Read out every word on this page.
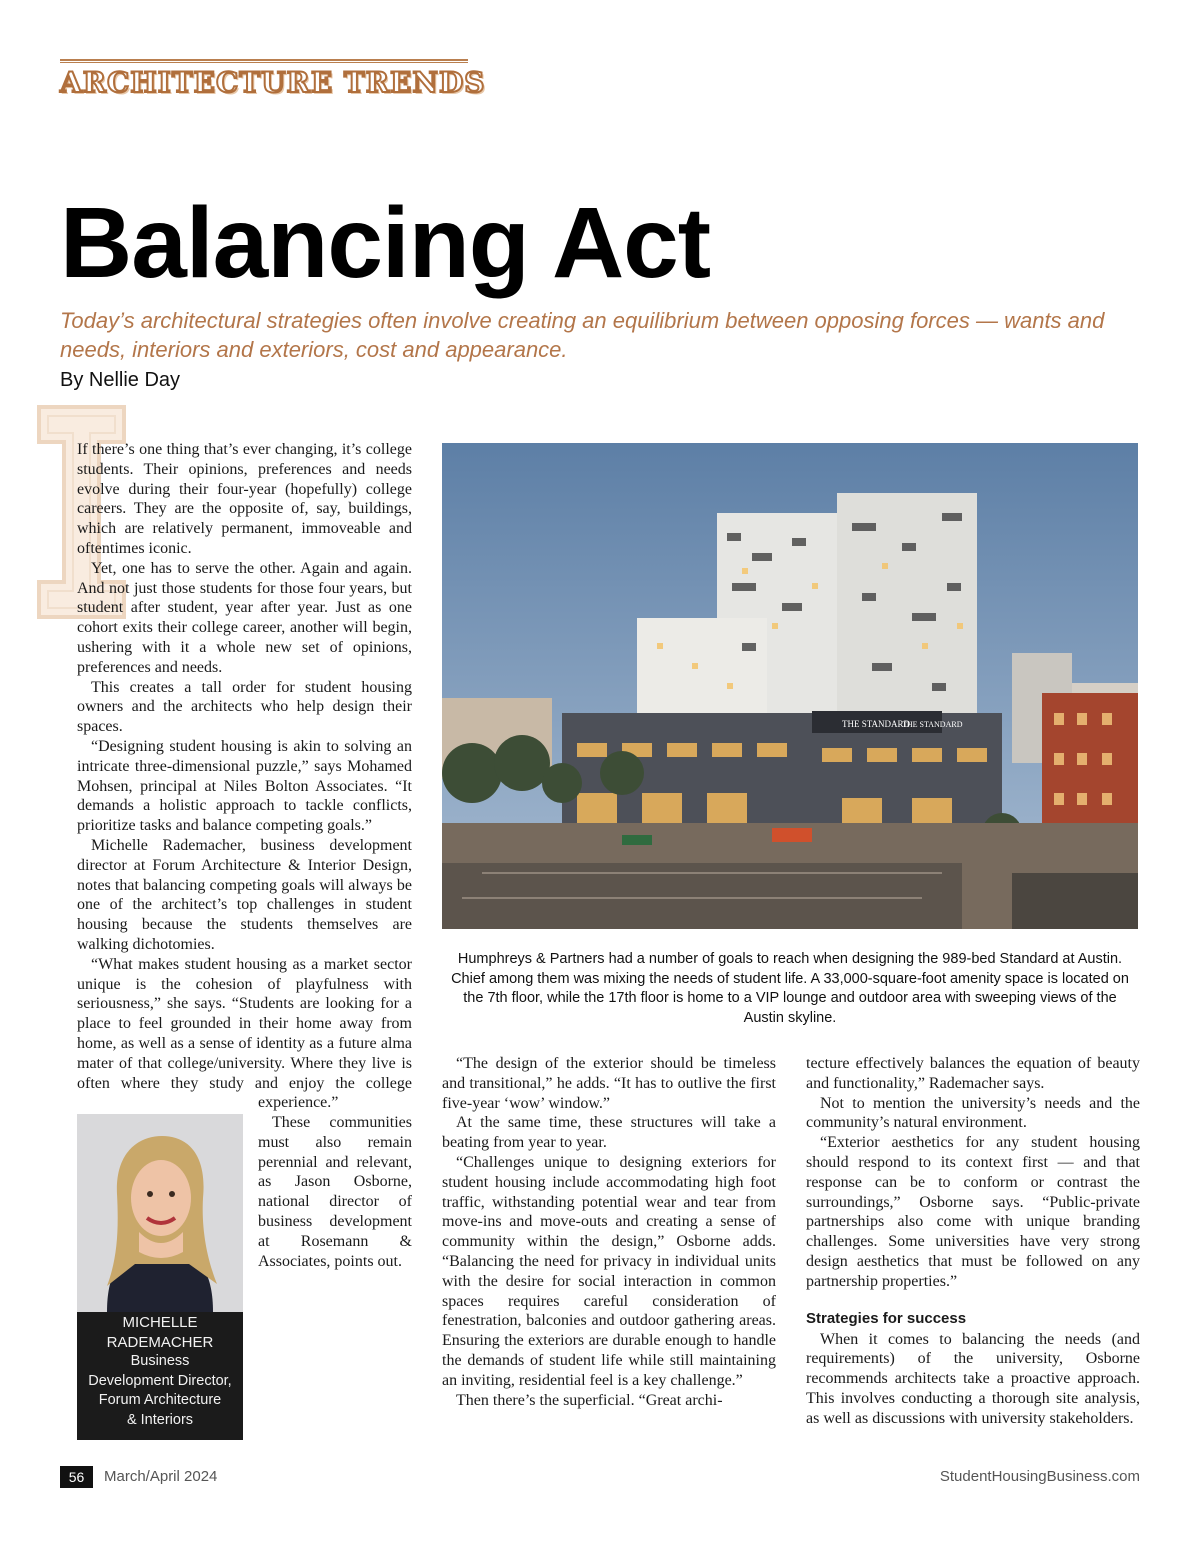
ARCHITECTURE TRENDS
Balancing Act

Today’s architectural strategies often involve creating an equilibrium between opposing forces — wants and needs, interiors and exteriors, cost and appearance.

By Nellie Day

If there’s one thing that’s ever changing, it’s college students. Their opinions, preferences and needs evolve during their four-year (hopefully) college careers. They are the opposite of, say, buildings, which are relatively permanent, immoveable and oftentimes iconic.

Yet, one has to serve the other. Again and again. And not just those students for those four years, but student after student, year after year. Just as one cohort exits their college career, another will begin, ushering with it a whole new set of opinions, preferences and needs.

This creates a tall order for student housing owners and the architects who help design their spaces.

“Designing student housing is akin to solving an intricate three-dimensional puzzle,” says Mohamed Mohsen, principal at Niles Bolton Associates. “It demands a holistic approach to tackle conflicts, prioritize tasks and balance competing goals.”

Michelle Rademacher, business development director at Forum Architecture & Interior Design, notes that balancing competing goals will always be one of the architect’s top challenges in student housing because the students themselves are walking dichotomies.

“What makes student housing as a market sector unique is the cohesion of playfulness with seriousness,” she says. “Students are looking for a place to feel grounded in their home away from home, as well as a sense of identity as a future alma mater of that college/university. Where they live is often where they study and enjoy the college experience.”

These communities must also remain perennial and relevant, as Jason Osborne, national director of business development at Rosemann & Associates, points out.

MICHELLE
RADEMACHER
Business
Development Director,
Forum Architecture
& Interiors
THE STANDARD
THE STANDARD

Humphreys & Partners had a number of goals to reach when designing the 989-bed Standard at Austin. Chief among them was mixing the needs of student life. A 33,000-square-foot amenity space is located on the 7th floor, while the 17th floor is home to a VIP lounge and outdoor area with sweeping views of the Austin skyline.

“The design of the exterior should be timeless and transitional,” he adds. “It has to outlive the first five-year ‘wow’ window.”

At the same time, these structures will take a beating from year to year.

“Challenges unique to designing exteriors for student housing include accommodating high foot traffic, withstanding potential wear and tear from move-ins and move-outs and creating a sense of community within the design,” Osborne adds. “Balancing the need for privacy in individual units with the desire for social interaction in common spaces requires careful consideration of fenestration, balconies and outdoor gathering areas. Ensuring the exteriors are durable enough to handle the demands of student life while still maintaining an inviting, residential feel is a key challenge.”

Then there’s the superficial. “Great archi-

tecture effectively balances the equation of beauty and functionality,” Rademacher says.

Not to mention the university’s needs and the community’s natural environment.

“Exterior aesthetics for any student housing should respond to its context first — and that response can be to conform or contrast the surroundings,” Osborne says. “Public-private partnerships also come with unique branding challenges. Some universities have very strong design aesthetics that must be followed on any partnership properties.”

Strategies for success

When it comes to balancing the needs (and requirements) of the university, Osborne recommends architects take a proactive approach. This involves conducting a thorough site analysis, as well as discussions with university stakeholders.

56	March/April 2024	StudentHousingBusiness.com
